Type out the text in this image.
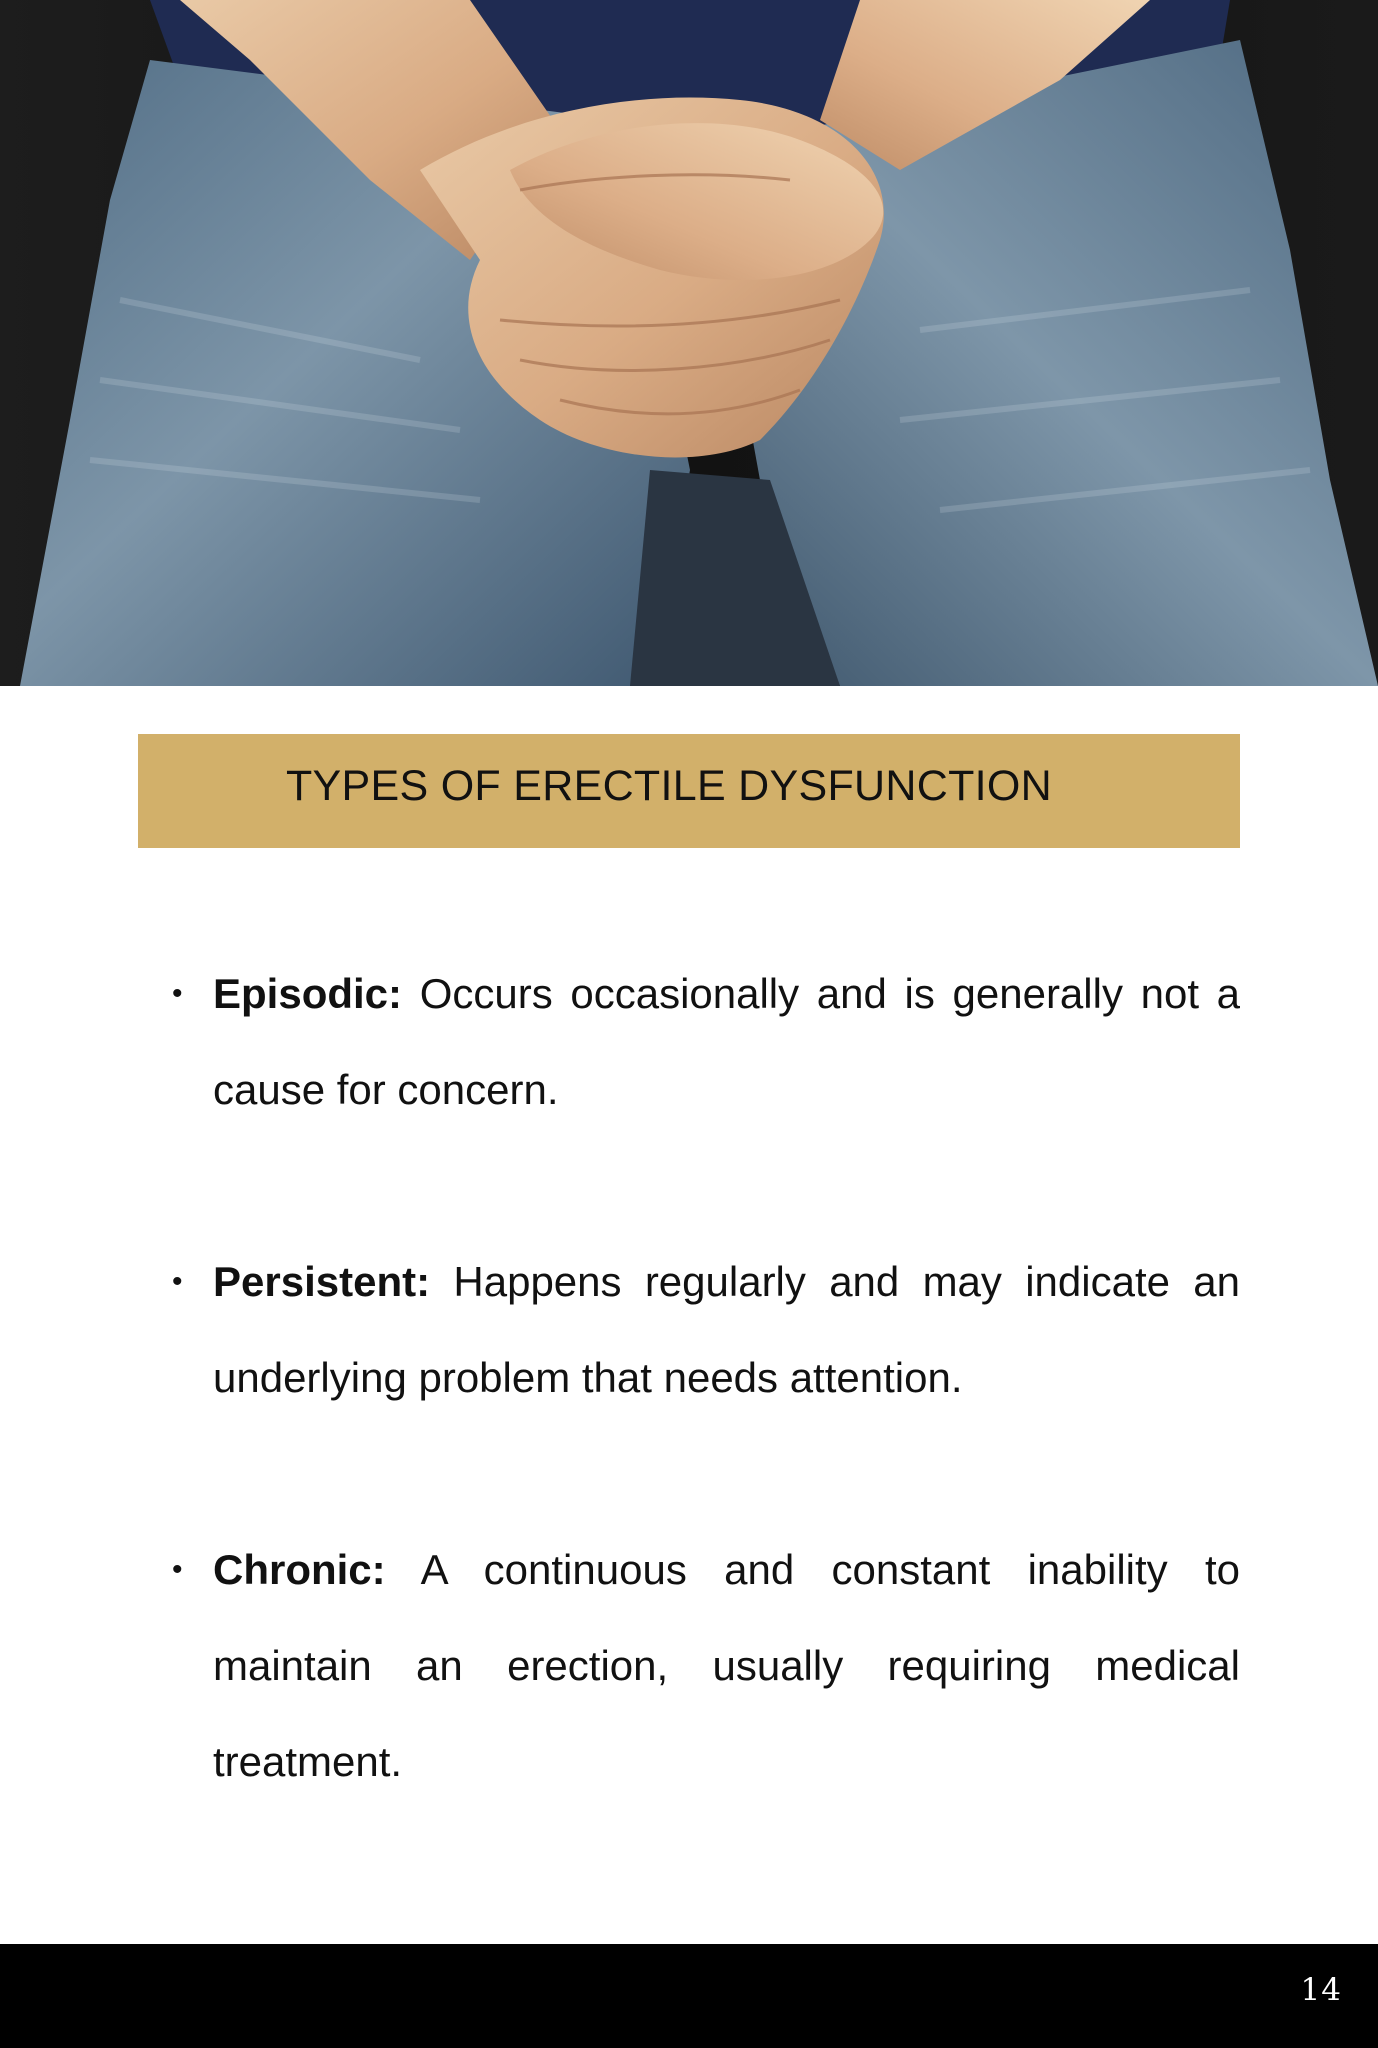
TYPES OF ERECTILE DYSFUNCTION
• Episodic: Occurs occasionally and is generally not a cause for concern.
• Persistent: Happens regularly and may indicate an underlying problem that needs attention.
• Chronic: A continuous and constant inability to maintain an erection, usually requiring medical treatment.
14
